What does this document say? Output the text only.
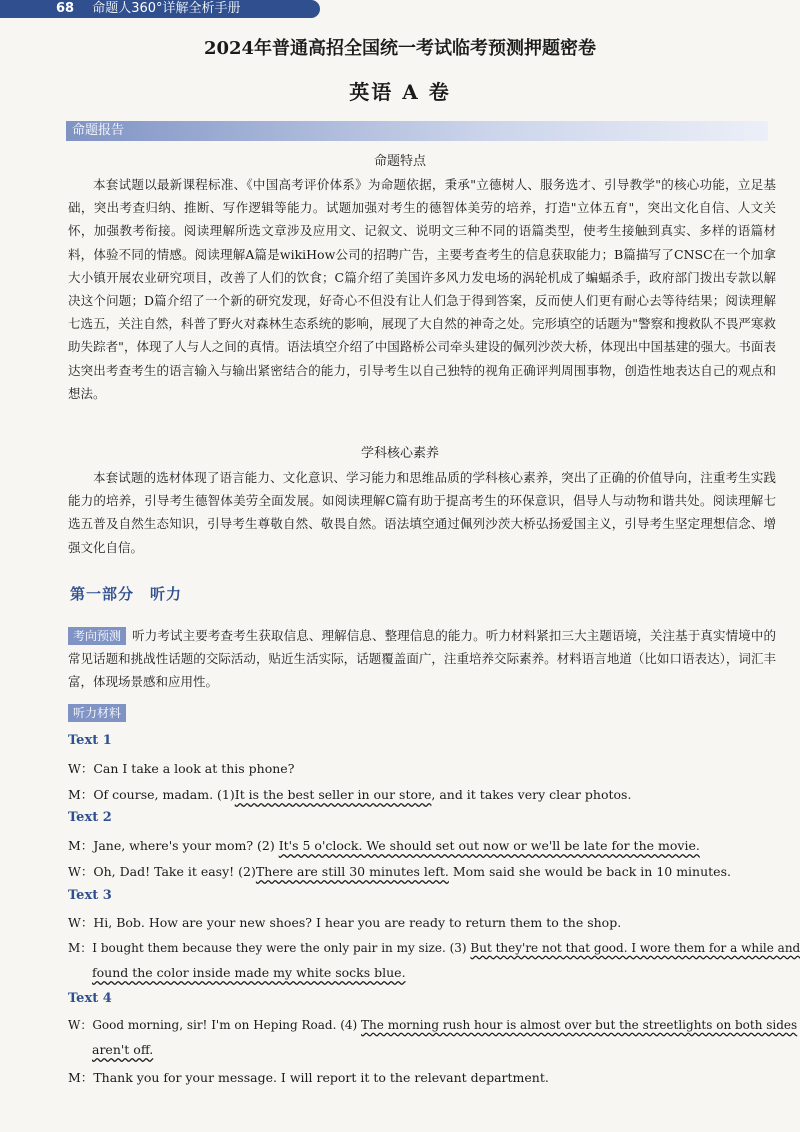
68 命题人360°详解全析手册
2024年普通高招全国统一考试临考预测押题密卷
英语 A 卷
命题报告
命题特点

本套试题以最新课程标准、《中国高考评价体系》为命题依据，秉承"立德树人、服务选才、引导教学"的核心功能，立足基础，突出考查归纳、推断、写作逻辑等能力。试题加强对考生的德智体美劳的培养，打造"立体五育"，突出文化自信、人文关怀，加强教考衔接。阅读理解所选文章涉及应用文、记叙文、说明文三种不同的语篇类型，使考生接触到真实、多样的语篇材料，体验不同的情感。阅读理解A篇是wikiHow公司的招聘广告，主要考查考生的信息获取能力；B篇描写了CNSC在一个加拿大小镇开展农业研究项目，改善了人们的饮食；C篇介绍了美国许多风力发电场的涡轮机成了蝙蝠杀手，政府部门拨出专款以解决这个问题；D篇介绍了一个新的研究发现，好奇心不但没有让人们急于得到答案，反而使人们更有耐心去等待结果；阅读理解七选五，关注自然，科普了野火对森林生态系统的影响，展现了大自然的神奇之处。完形填空的话题为"警察和搜救队不畏严寒救助失踪者"，体现了人与人之间的真情。语法填空介绍了中国路桥公司牵头建设的佩列沙茨大桥，体现出中国基建的强大。书面表达突出考查考生的语言输入与输出紧密结合的能力，引导考生以自己独特的视角正确评判周围事物，创造性地表达自己的观点和想法。

学科核心素养

本套试题的选材体现了语言能力、文化意识、学习能力和思维品质的学科核心素养，突出了正确的价值导向，注重考生实践能力的培养，引导考生德智体美劳全面发展。如阅读理解C篇有助于提高考生的环保意识，倡导人与动物和谐共处。阅读理解七选五普及自然生态知识，引导考生尊敬自然、敬畏自然。语法填空通过佩列沙茨大桥弘扬爱国主义，引导考生坚定理想信念、增强文化自信。

第一部分　听力

考向预测 听力考试主要考查考生获取信息、理解信息、整理信息的能力。听力材料紧扣三大主题语境，关注基于真实情境中的常见话题和挑战性话题的交际活动，贴近生活实际，话题覆盖面广，注重培养交际素养。材料语言地道（比如口语表达），词汇丰富，体现场景感和应用性。

听力材料
Text 1
W：Can I take a look at this phone?
M：Of course, madam. (1)It is the best seller in our store, and it takes very clear photos.
Text 2
M：Jane, where's your mom? (2) It's 5 o'clock. We should set out now or we'll be late for the movie.
W：Oh, Dad! Take it easy! (2)There are still 30 minutes left. Mom said she would be back in 10 minutes.
Text 3
W：Hi, Bob. How are your new shoes? I hear you are ready to return them to the shop.
M：I bought them because they were the only pair in my size. (3) But they're not that good. I wore them for a while and
found the color inside made my white socks blue.
Text 4
W：Good morning, sir! I'm on Heping Road. (4) The morning rush hour is almost over but the streetlights on both sides
aren't off.
M：Thank you for your message. I will report it to the relevant department.
